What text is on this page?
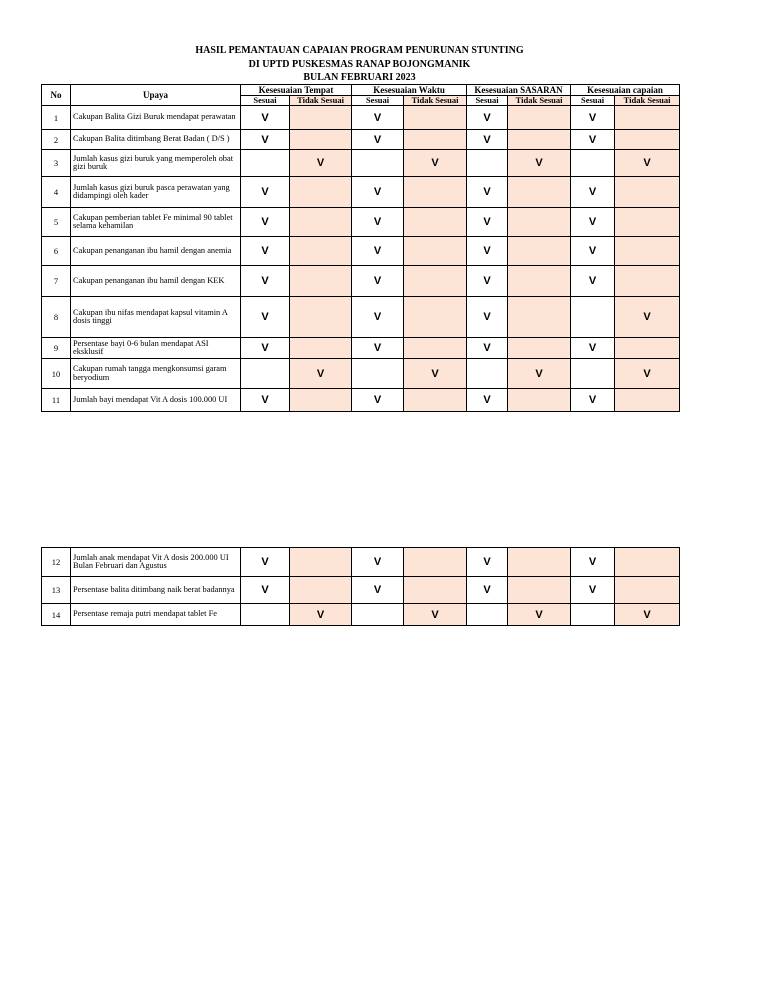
HASIL PEMANTAUAN CAPAIAN PROGRAM PENURUNAN STUNTING
DI UPTD PUSKESMAS RANAP BOJONGMANIK
BULAN FEBRUARI 2023
No	Upaya	Kesesuaian Tempat		Kesesuaian Waktu		Kesesuaian SASARAN		Kesesuaian capaian	
		Sesuai	Tidak Sesuai	Sesuai	Tidak Sesuai	Sesuai	Tidak Sesuai	Sesuai	Tidak Sesuai
1	Cakupan Balita Gizi Buruk mendapat perawatan	V		V		V		V	
2	Cakupan Balita ditimbang Berat Badan ( D/S )	V		V		V		V	
3	Jumlah kasus gizi buruk yang memperoleh obat gizi buruk		V		V		V		V
4	Jumlah kasus gizi buruk pasca perawatan yang didampingi oleh kader	V		V		V		V	
5	Cakupan pemberian tablet Fe minimal 90 tablet selama kehamilan	V		V		V		V	
6	Cakupan penanganan ibu hamil dengan anemia	V		V		V		V	
7	Cakupan penanganan ibu hamil dengan KEK	V		V		V		V	
8	Cakupan ibu nifas mendapat kapsul vitamin A dosis tinggi	V		V		V			V
9	Persentase bayi 0-6 bulan mendapat ASI eksklusif	V		V		V		V	
10	Cakupan rumah tangga mengkonsumsi garam beryodium		V		V		V		V
11	Jumlah bayi mendapat Vit A dosis 100.000 UI	V		V		V		V	
12	Jumlah anak mendapat Vit A dosis 200.000 UI Bulan Februari dan Agustus	V		V		V		V	
13	Persentase balita ditimbang naik berat badannya	V		V		V		V	
14	Persentase remaja putri mendapat tablet Fe		V		V		V		V
